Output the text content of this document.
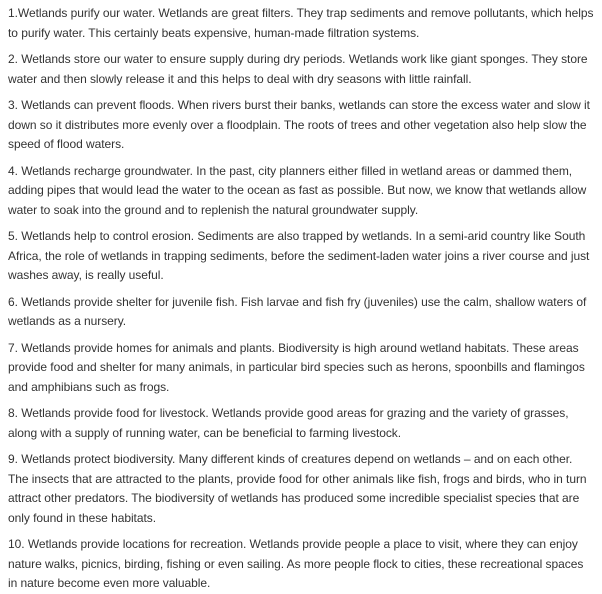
1.Wetlands purify our water. Wetlands are great filters. They trap sediments and remove pollutants, which helps to purify water. This certainly beats expensive, human-made filtration systems.

2. Wetlands store our water to ensure supply during dry periods. Wetlands work like giant sponges. They store water and then slowly release it and this helps to deal with dry seasons with little rainfall.

3. Wetlands can prevent floods. When rivers burst their banks, wetlands can store the excess water and slow it down so it distributes more evenly over a floodplain. The roots of trees and other vegetation also help slow the speed of flood waters.

4. Wetlands recharge groundwater. In the past, city planners either filled in wetland areas or dammed them, adding pipes that would lead the water to the ocean as fast as possible. But now, we know that wetlands allow water to soak into the ground and to replenish the natural groundwater supply.

5. Wetlands help to control erosion. Sediments are also trapped by wetlands. In a semi-arid country like South Africa, the role of wetlands in trapping sediments, before the sediment-laden water joins a river course and just washes away, is really useful.

6. Wetlands provide shelter for juvenile fish. Fish larvae and fish fry (juveniles) use the calm, shallow waters of wetlands as a nursery.

7. Wetlands provide homes for animals and plants. Biodiversity is high around wetland habitats. These areas provide food and shelter for many animals, in particular bird species such as herons, spoonbills and flamingos and amphibians such as frogs.

8. Wetlands provide food for livestock. Wetlands provide good areas for grazing and the variety of grasses, along with a supply of running water, can be beneficial to farming livestock.

9. Wetlands protect biodiversity. Many different kinds of creatures depend on wetlands – and on each other. The insects that are attracted to the plants, provide food for other animals like fish, frogs and birds, who in turn attract other predators. The biodiversity of wetlands has produced some incredible specialist species that are only found in these habitats.

10. Wetlands provide locations for recreation. Wetlands provide people a place to visit, where they can enjoy nature walks, picnics, birding, fishing or even sailing. As more people flock to cities, these recreational spaces in nature become even more valuable.
